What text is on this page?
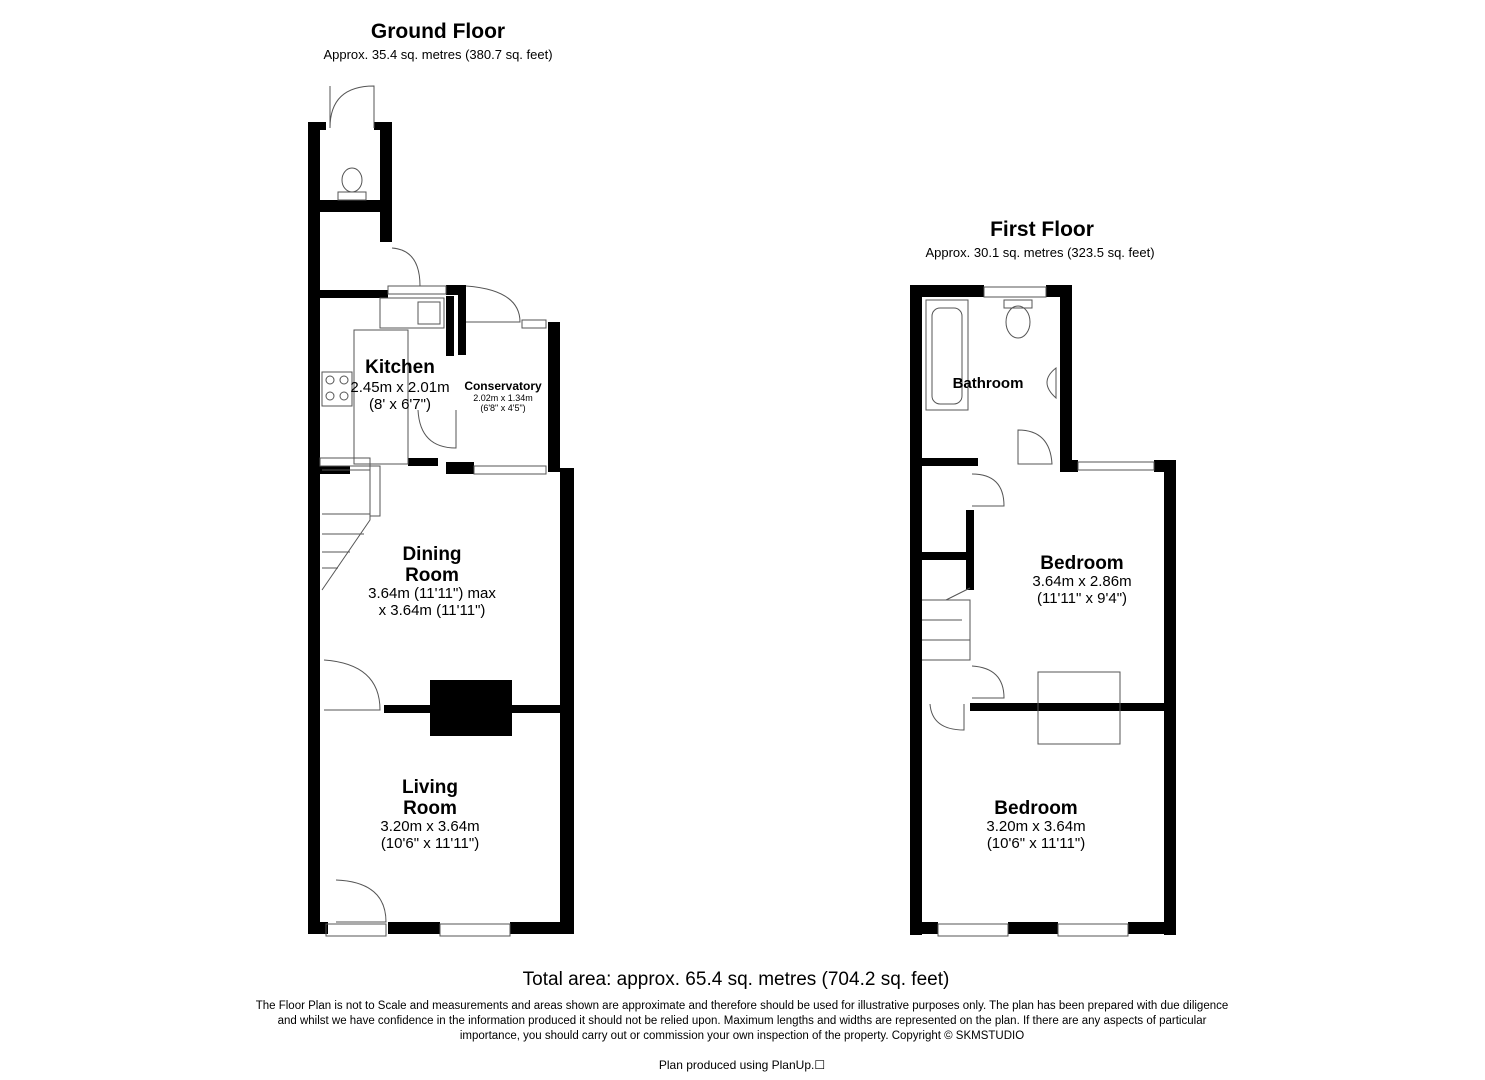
Ground Floor
Approx. 35.4 sq. metres (380.7 sq. feet)
Kitchen
2.45m x 2.01m
(8' x 6'7")
Conservatory
2.02m x 1.34m
(6'8" x 4'5")
Dining
Room
3.64m (11'11") max
x 3.64m (11'11")
Living
Room
3.20m x 3.64m
(10'6" x 11'11")
First Floor
Approx. 30.1 sq. metres (323.5 sq. feet)
Bathroom
Bedroom
3.64m x 2.86m
(11'11" x 9'4")
Bedroom
3.20m x 3.64m
(10'6" x 11'11")
Total area: approx. 65.4 sq. metres (704.2 sq. feet)
The Floor Plan is not to Scale and measurements and areas shown are approximate and therefore should be used for illustrative purposes only. The plan has been prepared with due diligence and whilst we have confidence in the information produced it should not be relied upon. Maximum lengths and widths are represented on the plan. If there are any aspects of particular importance, you should carry out or commission your own inspection of the property. Copyright © SKMSTUDIO
Plan produced using PlanUp.☐
